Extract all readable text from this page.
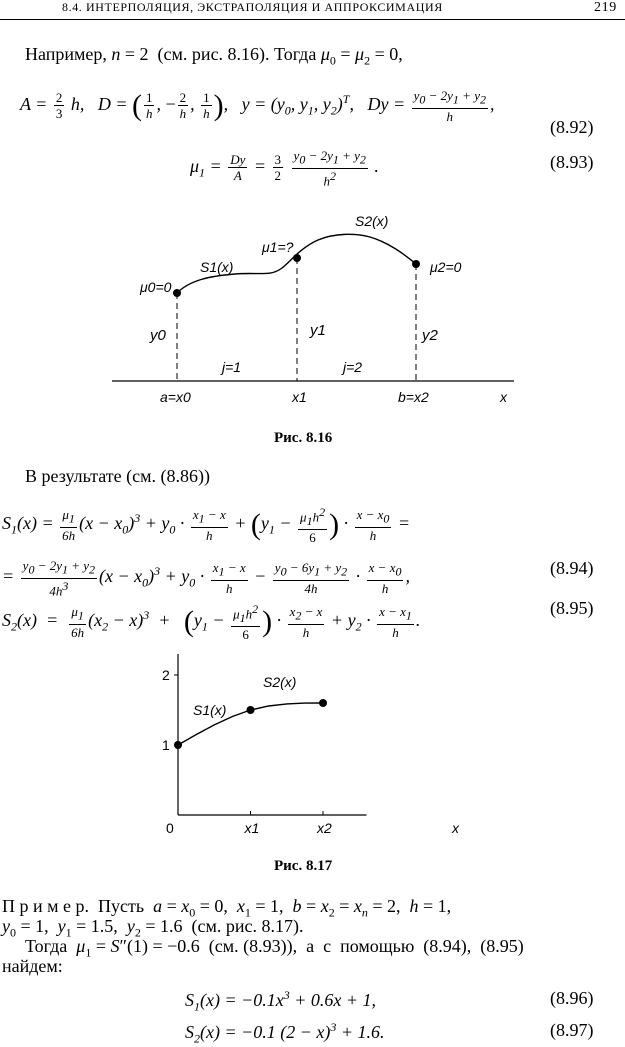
8.4. ИНТЕРПОЛЯЦИЯ, ЭКСТРАПОЛЯЦИЯ И АППРОКСИМАЦИЯ	219
Например, n = 2  (см. рис. 8.16). Тогда $\mu_0 = \mu_2 = 0$,
$A = \frac{2}{3} h$,   D = ( $\frac{1}{h}$ , − $\frac{2}{h}$ , $\frac{1}{h}$ ),   $y = (y_0$, $y_1$, $y_2)^T$,   $Dy = \frac{y_0 - 2y_1 + y_2}{h}$ ,
(8.92)
$\mu_1 = \frac{Dy}{A} = \frac{3}{2}$
$\frac{y_0 - 2y_1 + y_2}{h^2}$ .	(8.93)
μ0=0
μ1=?
μ2=0
S1(x)
S2(x)
y0	y1	y2
j=1	j=2
a=x0	x1	b=x2	x
Рис. 8.16
В результате (см. (8.86))
$S_1(x) = \frac{\mu_1}{6h} (x - x_0)^3 + y_0 \cdot \frac{x_1 - x}{h} + (y_1 - \frac{\mu_1h^2}{6}$ ) · $\frac{x - x_0}{h}$ =
= $\frac{y_0 - 2y_1 + y_2}{4h^3} (x - x_0)^3 + y_0 \cdot \frac{x_1 - x}{h} - \frac{y_0 - 6y_1 + y_2}{4h} \cdot \frac{x - x_0}{h}$ ,	(8.94)
$S_2(x) = \frac{\mu_1}{6h} (x_2 - x)^3 + (y_1 - \frac{\mu_1h^2}{6}$ ) · $\frac{x_2 - x}{h} + y_2 \cdot \frac{x - x_1}{h}$ .
(8.95)
0
1
2
S1(x)
S2(x)
x1	x2	x
Рис. 8.17
П р и м е р.  Пусть  $a = x_0 = 0$,  $x_1 = 1$,  $b = x_2 = x_n = 2$,  h = 1,
$y_0 = 1$,  $y_1 = 1.5$,  $y_2 = 1.6$  (см. рис. 8.17).
Тогда  $\mu_1 = S''(1) = -0.6$  (см. (8.93)),  а  с  помощью  (8.94),  (8.95)
найдем:
$S_1(x) = -0.1x^3 + 0.6x + 1$,	(8.96)
$S_2(x) = -0.1$ $(2 - x)^3 + 1.6$.	(8.97)
